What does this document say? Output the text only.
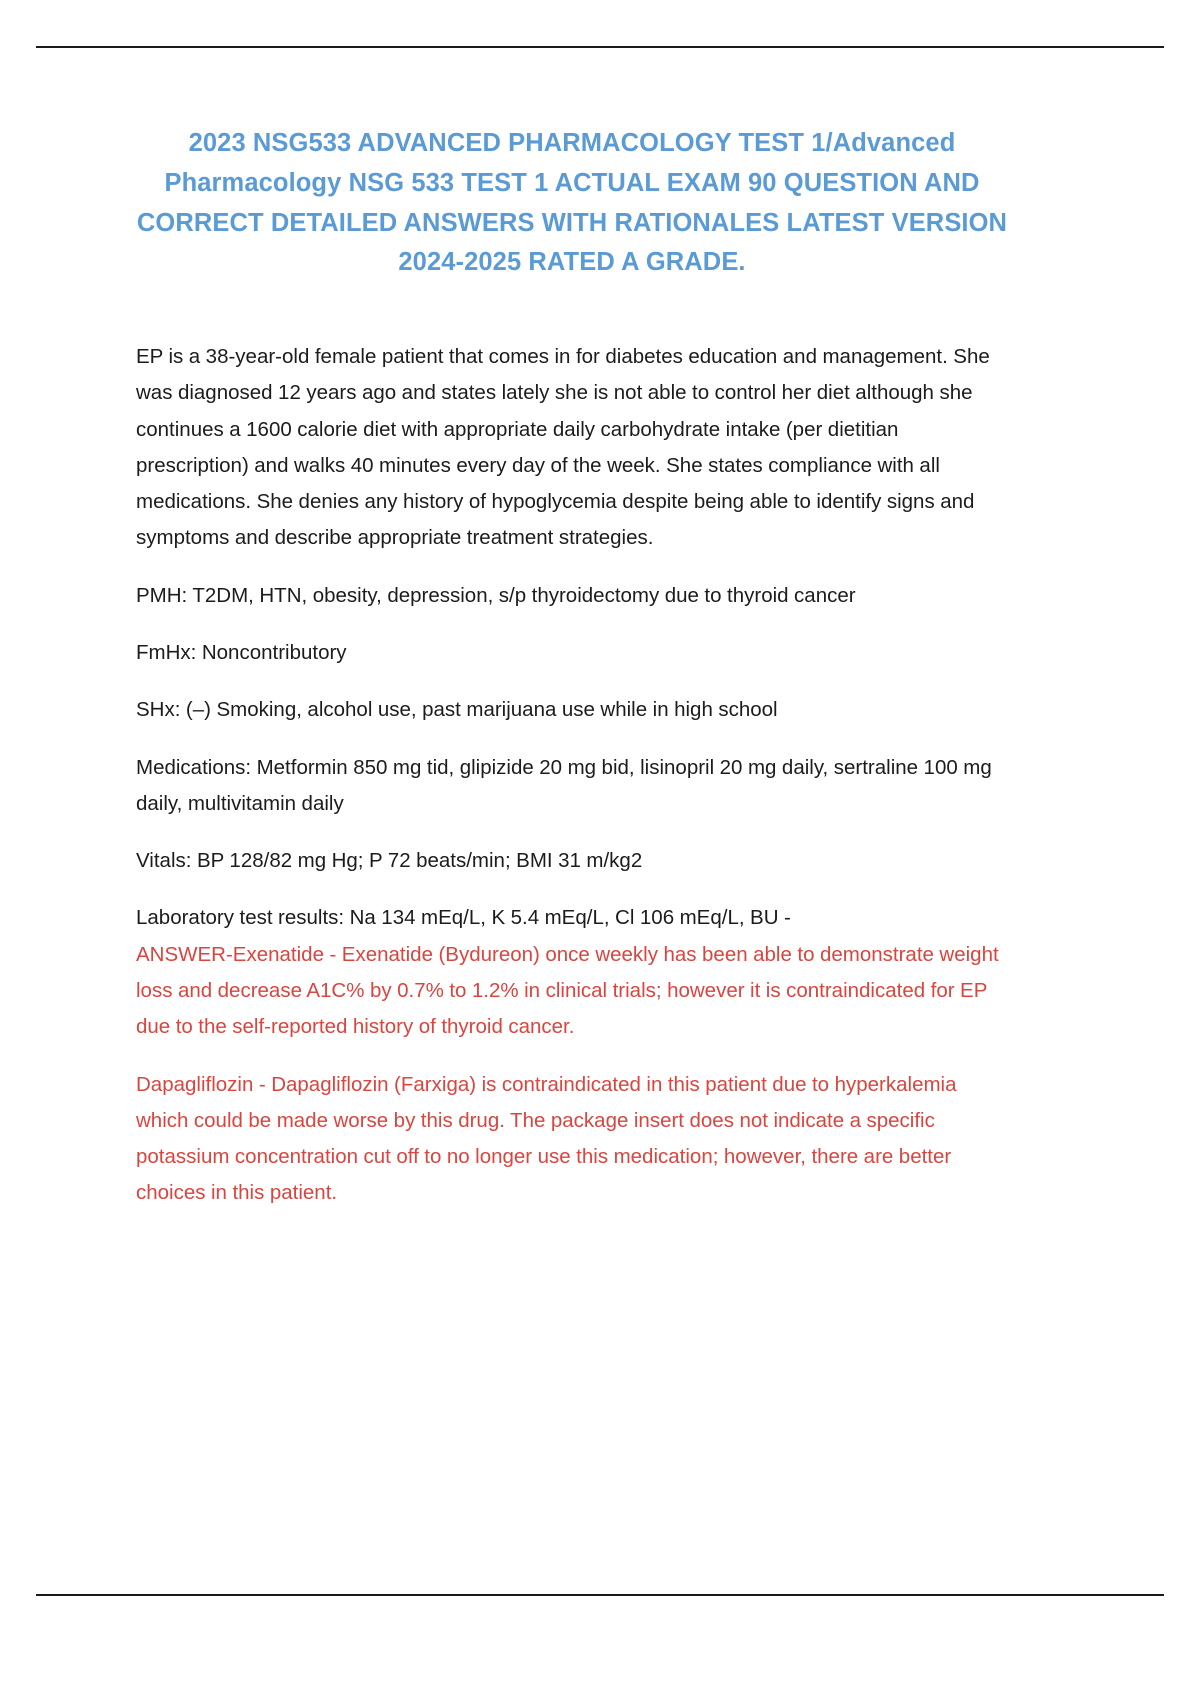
2023 NSG533 ADVANCED PHARMACOLOGY TEST 1/Advanced Pharmacology NSG 533 TEST 1 ACTUAL EXAM 90 QUESTION AND CORRECT DETAILED ANSWERS WITH RATIONALES LATEST VERSION 2024-2025 RATED A GRADE.

EP is a 38-year-old female patient that comes in for diabetes education and management. She was diagnosed 12 years ago and states lately she is not able to control her diet although she continues a 1600 calorie diet with appropriate daily carbohydrate intake (per dietitian prescription) and walks 40 minutes every day of the week. She states compliance with all medications. She denies any history of hypoglycemia despite being able to identify signs and symptoms and describe appropriate treatment strategies.

PMH: T2DM, HTN, obesity, depression, s/p thyroidectomy due to thyroid cancer

FmHx: Noncontributory

SHx: (–) Smoking, alcohol use, past marijuana use while in high school

Medications: Metformin 850 mg tid, glipizide 20 mg bid, lisinopril 20 mg daily, sertraline 100 mg daily, multivitamin daily

Vitals: BP 128/82 mg Hg; P 72 beats/min; BMI 31 m/kg2

Laboratory test results: Na 134 mEq/L, K 5.4 mEq/L, Cl 106 mEq/L, BU -

ANSWER-Exenatide - Exenatide (Bydureon) once weekly has been able to demonstrate weight loss and decrease A1C% by 0.7% to 1.2% in clinical trials; however it is contraindicated for EP due to the self-reported history of thyroid cancer.

Dapagliflozin - Dapagliflozin (Farxiga) is contraindicated in this patient due to hyperkalemia which could be made worse by this drug. The package insert does not indicate a specific potassium concentration cut off to no longer use this medication; however, there are better choices in this patient.
